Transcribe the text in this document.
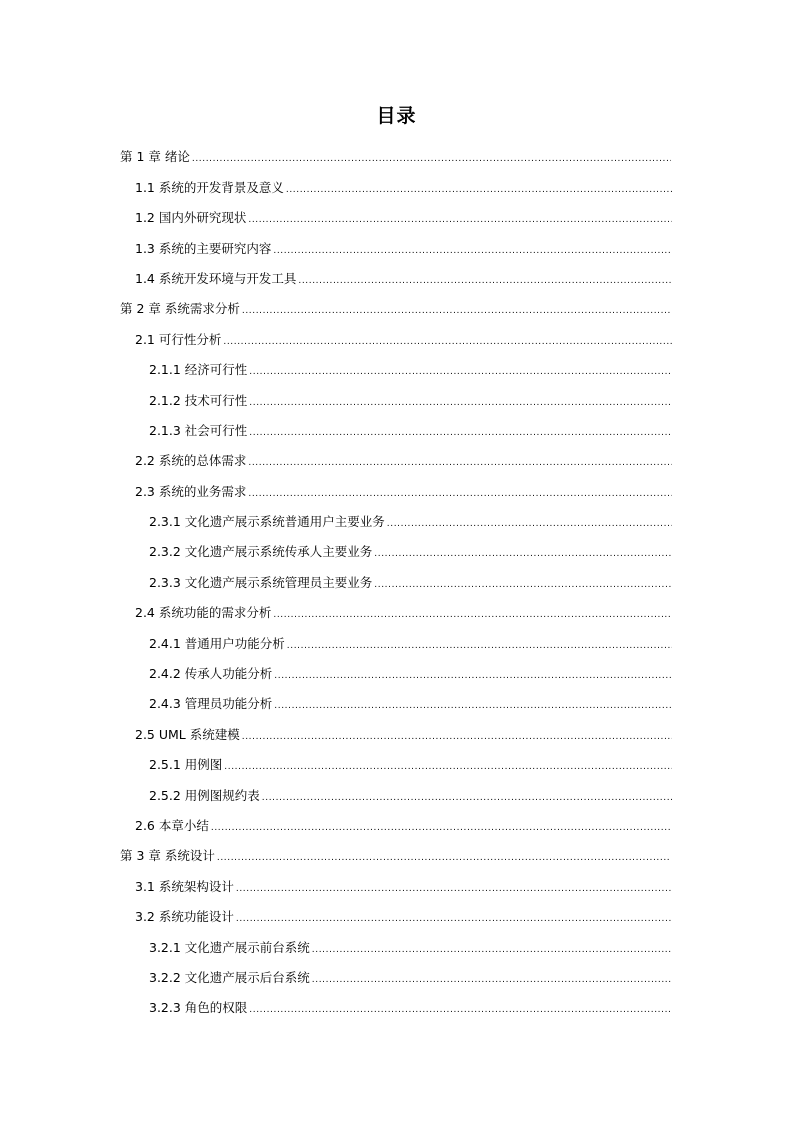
目录
第 1 章 绪论
.....
1.1 系统的开发背景及意义
.....
1.2 国内外研究现状
.....
1.3 系统的主要研究内容
.....
1.4 系统开发环境与开发工具
.....
第 2 章 系统需求分析
.....
2.1 可行性分析
.....
2.1.1 经济可行性
.....
2.1.2 技术可行性
.....
2.1.3 社会可行性
.....
2.2 系统的总体需求
.....
2.3 系统的业务需求
.....
2.3.1 文化遗产展示系统普通用户主要业务
.....
2.3.2 文化遗产展示系统传承人主要业务
.....
2.3.3 文化遗产展示系统管理员主要业务
.....
2.4 系统功能的需求分析
.....
2.4.1 普通用户功能分析
.....
2.4.2 传承人功能分析
.....
2.4.3 管理员功能分析
.....
2.5 UML 系统建模
.....
2.5.1 用例图
.....
2.5.2 用例图规约表
.....
2.6 本章小结
.....
第 3 章 系统设计
.....
3.1 系统架构设计
.....
3.2 系统功能设计
.....
3.2.1 文化遗产展示前台系统
.....
3.2.2 文化遗产展示后台系统
.....
3.2.3 角色的权限
.....
